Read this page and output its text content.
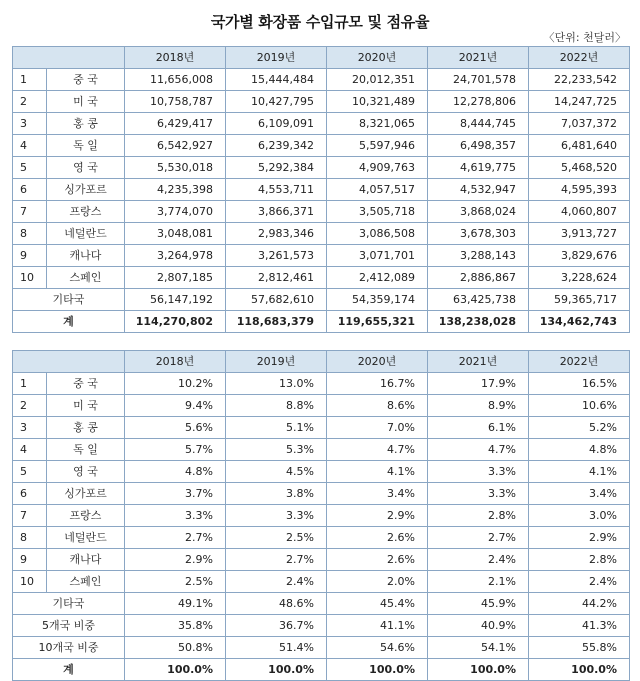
국가별 화장품 수입규모 및 점유율
〈단위: 천달러〉
		2018년	2019년	2020년	2021년	2022년
1	중 국	11,656,008	15,444,484	20,012,351	24,701,578	22,233,542
2	미 국	10,758,787	10,427,795	10,321,489	12,278,806	14,247,725
3	홍 콩	6,429,417	6,109,091	8,321,065	8,444,745	7,037,372
4	독 일	6,542,927	6,239,342	5,597,946	6,498,357	6,481,640
5	영 국	5,530,018	5,292,384	4,909,763	4,619,775	5,468,520
6	싱가포르	4,235,398	4,553,711	4,057,517	4,532,947	4,595,393
7	프랑스	3,774,070	3,866,371	3,505,718	3,868,024	4,060,807
8	네덜란드	3,048,081	2,983,346	3,086,508	3,678,303	3,913,727
9	캐나다	3,264,978	3,261,573	3,071,701	3,288,143	3,829,676
10	스페인	2,807,185	2,812,461	2,412,089	2,886,867	3,228,624
기타국		56,147,192	57,682,610	54,359,174	63,425,738	59,365,717
계		114,270,802	118,683,379	119,655,321	138,238,028	134,462,743
		2018년	2019년	2020년	2021년	2022년
1	중 국	10.2%	13.0%	16.7%	17.9%	16.5%
2	미 국	9.4%	8.8%	8.6%	8.9%	10.6%
3	홍 콩	5.6%	5.1%	7.0%	6.1%	5.2%
4	독 일	5.7%	5.3%	4.7%	4.7%	4.8%
5	영 국	4.8%	4.5%	4.1%	3.3%	4.1%
6	싱가포르	3.7%	3.8%	3.4%	3.3%	3.4%
7	프랑스	3.3%	3.3%	2.9%	2.8%	3.0%
8	네덜란드	2.7%	2.5%	2.6%	2.7%	2.9%
9	캐나다	2.9%	2.7%	2.6%	2.4%	2.8%
10	스페인	2.5%	2.4%	2.0%	2.1%	2.4%
기타국		49.1%	48.6%	45.4%	45.9%	44.2%
5개국 비중		35.8%	36.7%	41.1%	40.9%	41.3%
10개국 비중		50.8%	51.4%	54.6%	54.1%	55.8%
계		100.0%	100.0%	100.0%	100.0%	100.0%
